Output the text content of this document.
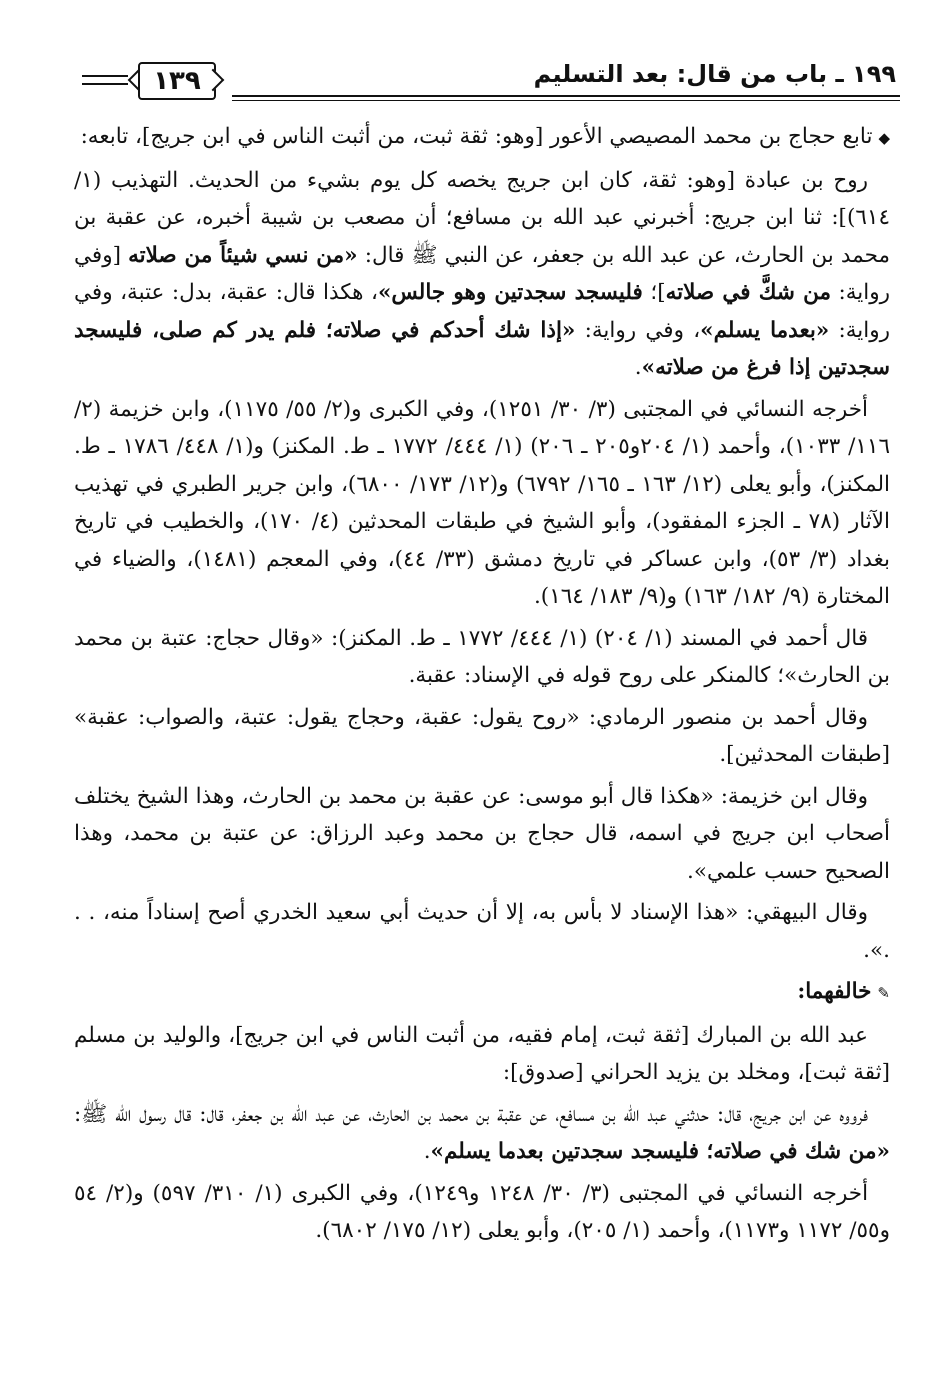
١٩٩ ـ باب من قال: بعد التسليم
١٣٩

◆تابع حجاج بن محمد المصيصي الأعور [وهو: ثقة ثبت، من أثبت الناس في ابن جريج]، تابعه:

روح بن عبادة [وهو: ثقة، كان ابن جريج يخصه كل يوم بشيء من الحديث. التهذيب (١/ ٦١٤)]: ثنا ابن جريج: أخبرني عبد الله بن مسافع؛ أن مصعب بن شيبة أخبره، عن عقبة بن محمد بن الحارث، عن عبد الله بن جعفر، عن النبي ﷺ قال: «من نسي شيئاً من صلاته [وفي رواية: من شكَّ في صلاته]؛ فليسجد سجدتين وهو جالس»، هكذا قال: عقبة، بدل: عتبة، وفي رواية: «بعدما يسلم»، وفي رواية: «إذا شك أحدكم في صلاته؛ فلم يدر كم صلى، فليسجد سجدتين إذا فرغ من صلاته».

أخرجه النسائي في المجتبى (٣/ ٣٠/ ١٢٥١)، وفي الكبرى و(٢/ ٥٥/ ١١٧٥)، وابن خزيمة (٢/ ١١٦/ ١٠٣٣)، وأحمد (١/ ٢٠٤و٢٠٥ ـ ٢٠٦) (١/ ٤٤٤/ ١٧٧٢ ـ ط. المكنز) و(١/ ٤٤٨/ ١٧٨٦ ـ ط. المكنز)، وأبو يعلى (١٢/ ١٦٣ ـ ١٦٥/ ٦٧٩٢) و(١٢/ ١٧٣/ ٦٨٠٠)، وابن جرير الطبري في تهذيب الآثار (٧٨ ـ الجزء المفقود)، وأبو الشيخ في طبقات المحدثين (٤/ ١٧٠)، والخطيب في تاريخ بغداد (٣/ ٥٣)، وابن عساكر في تاريخ دمشق (٣٣/ ٤٤)، وفي المعجم (١٤٨١)، والضياء في المختارة (٩/ ١٨٢/ ١٦٣) و(٩/ ١٨٣/ ١٦٤).

قال أحمد في المسند (١/ ٢٠٤) (١/ ٤٤٤/ ١٧٧٢ ـ ط. المكنز): «وقال حجاج: عتبة بن محمد بن الحارث»؛ كالمنكر على روح قوله في الإسناد: عقبة.

وقال أحمد بن منصور الرمادي: «روح يقول: عقبة، وحجاج يقول: عتبة، والصواب: عقبة» [طبقات المحدثين].

وقال ابن خزيمة: «هكذا قال أبو موسى: عن عقبة بن محمد بن الحارث، وهذا الشيخ يختلف أصحاب ابن جريج في اسمه، قال حجاج بن محمد وعبد الرزاق: عن عتبة بن محمد، وهذا الصحيح حسب علمي».

وقال البيهقي: «هذا الإسناد لا بأس به، إلا أن حديث أبي سعيد الخدري أصح إسناداً منه، . . .».

✎خالفهما:

عبد الله بن المبارك [ثقة ثبت، إمام فقيه، من أثبت الناس في ابن جريج]، والوليد بن مسلم [ثقة ثبت]، ومخلد بن يزيد الحراني [صدوق]:

فرووه عن ابن جريج، قال: حدثني عبد الله بن مسافع، عن عقبة بن محمد بن الحارث، عن عبد الله بن جعفر، قال: قال رسول الله ﷺ: «من شك في صلاته؛ فليسجد سجدتين بعدما يسلم».

أخرجه النسائي في المجتبى (٣/ ٣٠/ ١٢٤٨ و١٢٤٩)، وفي الكبرى (١/ ٣١٠/ ٥٩٧) و(٢/ ٥٤ و٥٥/ ١١٧٢ و١١٧٣)، وأحمد (١/ ٢٠٥)، وأبو يعلى (١٢/ ١٧٥/ ٦٨٠٢).
